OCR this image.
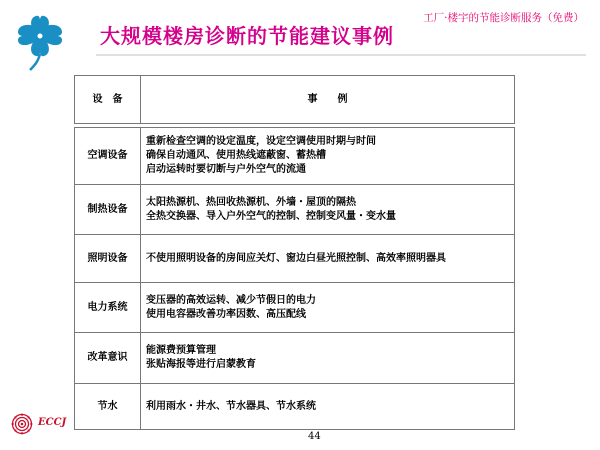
大规模楼房诊断的节能建议事例
工厂·楼宇的节能诊断服务（免费）
设　备	事　　例

空调设备	重新检查空调的设定温度，设定空调使用时期与时间
确保自动通风、使用热线遮蔽窗、蓄热槽
启动运转时要切断与户外空气的流通

制热设备	太阳热源机、热回收热源机、外墙・屋顶的隔热
全热交换器、导入户外空气的控制、控制变风量・变水量

照明设备	不使用照明设备的房间应关灯、窗边白昼光照控制、高效率照明器具

电力系统	变压器的高效运转、减少节假日的电力
使用电容器改善功率因数、高压配线

改革意识	能源费预算管理
张贴海报等进行启蒙教育

节水	利用雨水・井水、节水器具、节水系统
ECCJ
44
